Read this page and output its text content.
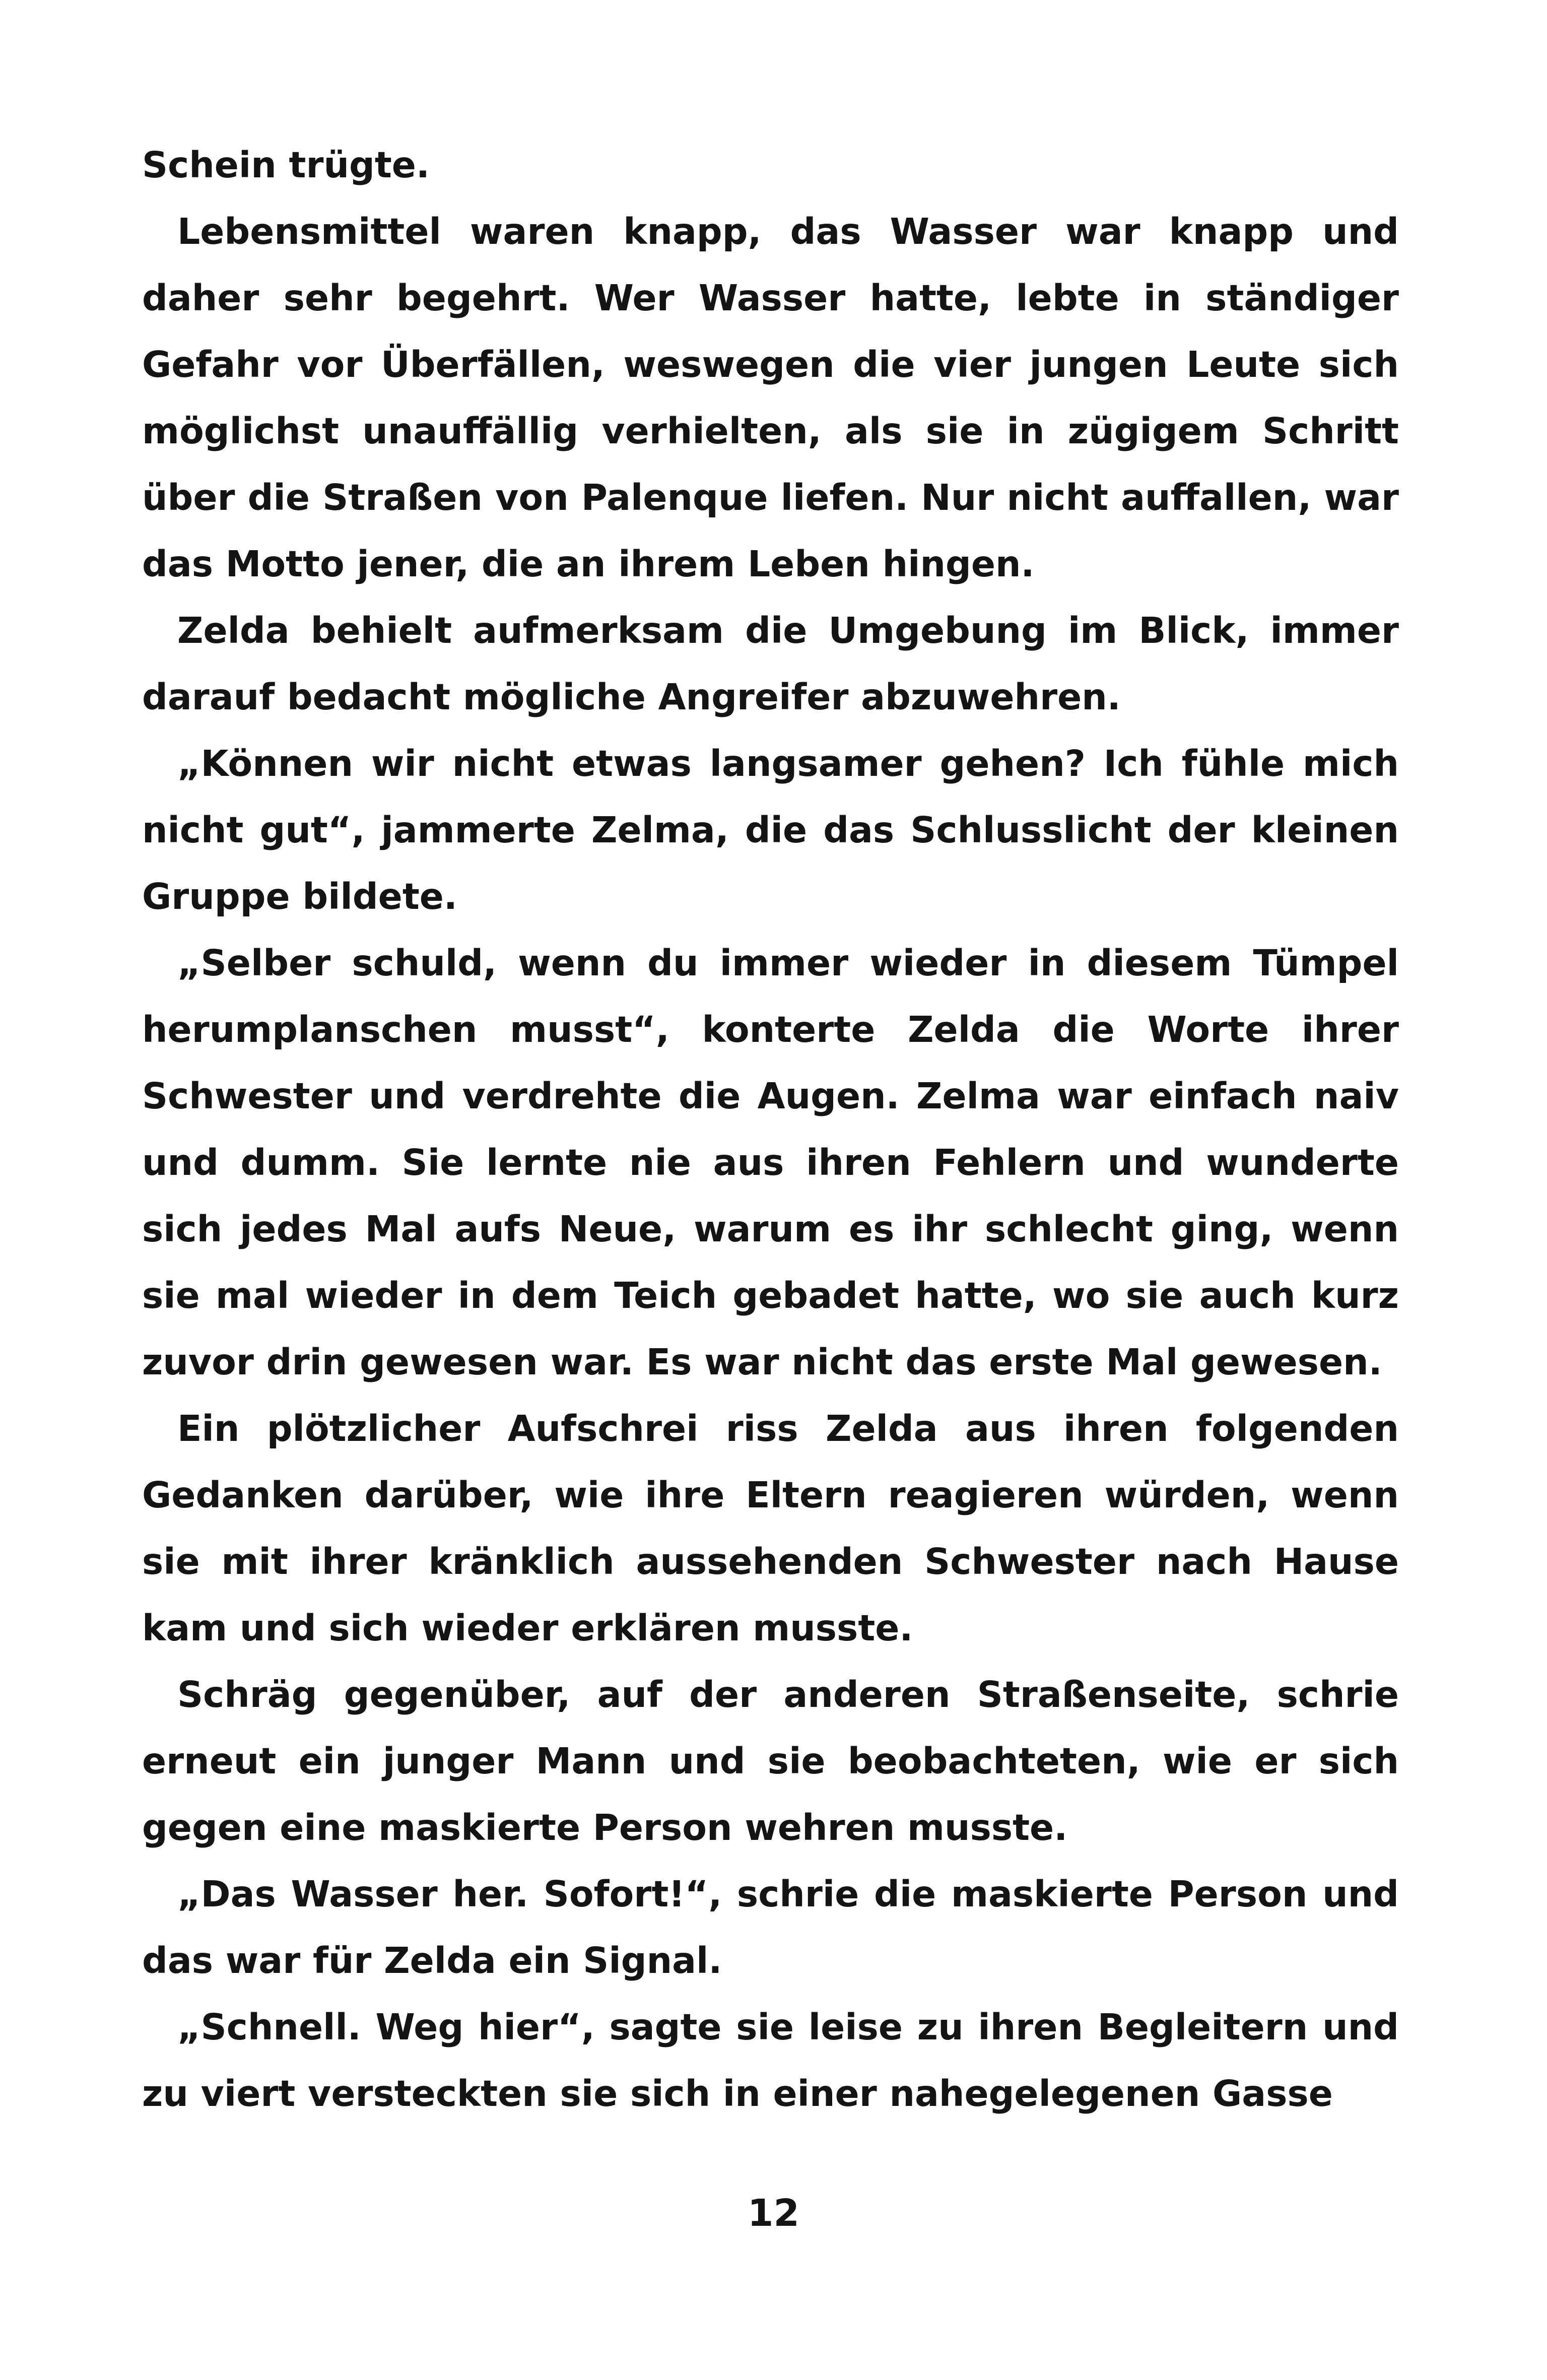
Schein trügte.

Lebensmittel waren knapp, das Wasser war knapp und daher sehr begehrt. Wer Wasser hatte, lebte in ständiger Gefahr vor Überfällen, weswegen die vier jungen Leute sich möglichst unauffällig verhielten, als sie in zügigem Schritt über die Straßen von Palenque liefen. Nur nicht auffallen, war das Motto jener, die an ihrem Leben hingen.

Zelda behielt aufmerksam die Umgebung im Blick, immer darauf bedacht mögliche Angreifer abzuwehren.

„Können wir nicht etwas langsamer gehen? Ich fühle mich nicht gut“, jammerte Zelma, die das Schlusslicht der kleinen Gruppe bildete.

„Selber schuld, wenn du immer wieder in diesem Tümpel herumplanschen musst“, konterte Zelda die Worte ihrer Schwester und verdrehte die Augen. Zelma war einfach naiv und dumm. Sie lernte nie aus ihren Fehlern und wunderte sich jedes Mal aufs Neue, warum es ihr schlecht ging, wenn sie mal wieder in dem Teich gebadet hatte, wo sie auch kurz zuvor drin gewesen war. Es war nicht das erste Mal gewesen.

Ein plötzlicher Aufschrei riss Zelda aus ihren folgenden Gedanken darüber, wie ihre Eltern reagieren würden, wenn sie mit ihrer kränklich aussehenden Schwester nach Hause kam und sich wieder erklären musste.

Schräg gegenüber, auf der anderen Straßenseite, schrie erneut ein junger Mann und sie beobachteten, wie er sich gegen eine maskierte Person wehren musste.

„Das Wasser her. Sofort!“, schrie die maskierte Person und das war für Zelda ein Signal.

„Schnell. Weg hier“, sagte sie leise zu ihren Begleitern und zu viert versteckten sie sich in einer nahegelegenen Gasse

12
